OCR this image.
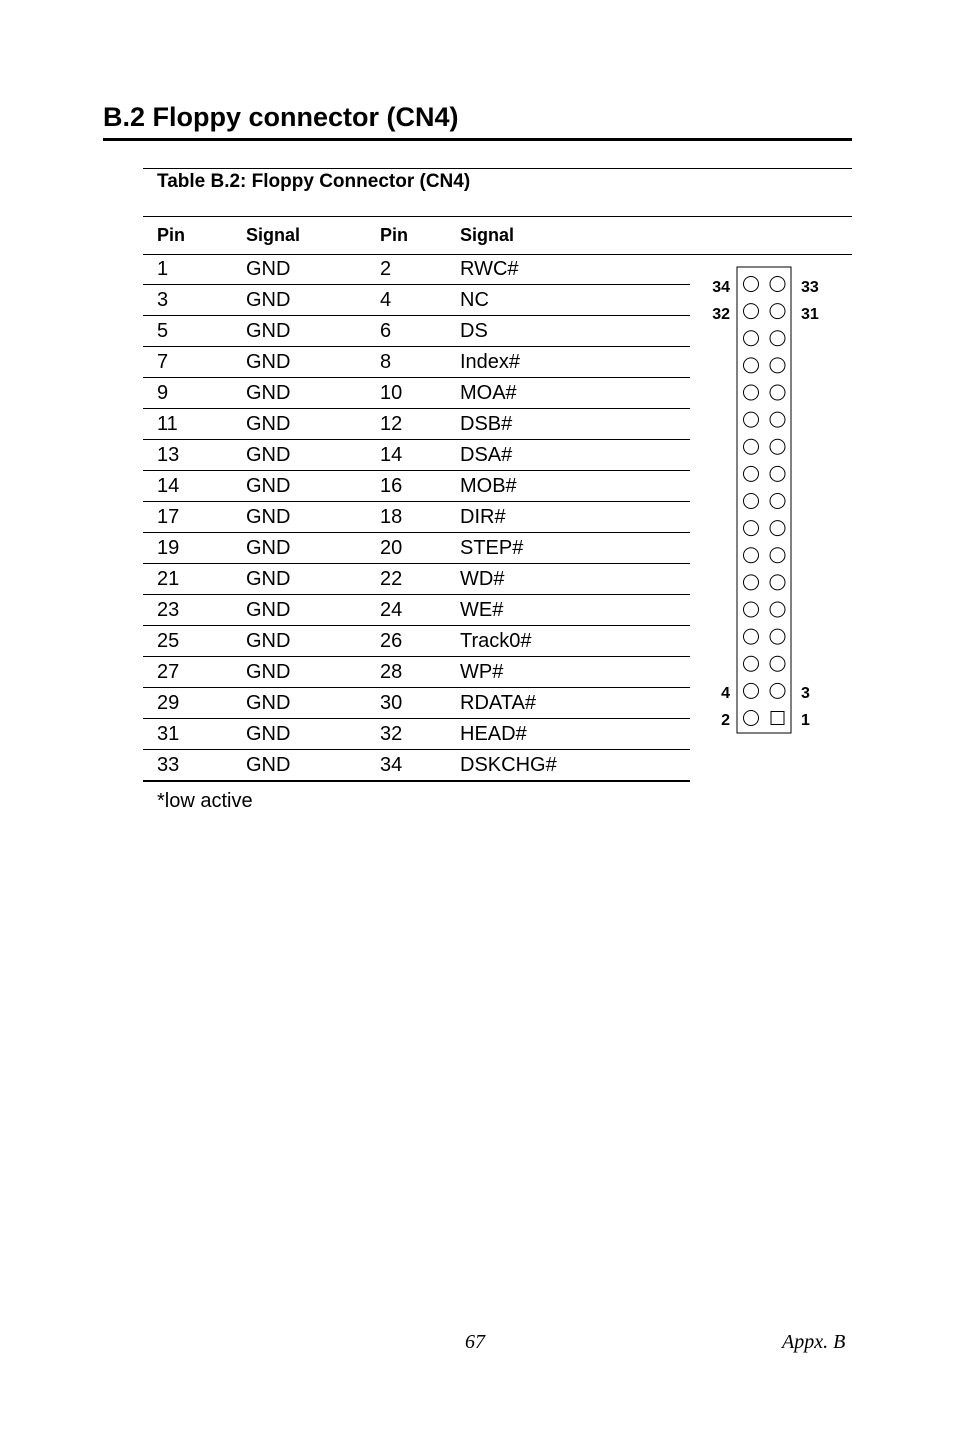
B.2 Floppy connector (CN4)
Table B.2: Floppy Connector (CN4)
Pin	Signal	Pin	Signal
1	GND	2	RWC#
3	GND	4	NC
5	GND	6	DS
7	GND	8	Index#
9	GND	10	MOA#
11	GND	12	DSB#
13	GND	14	DSA#
14	GND	16	MOB#
17	GND	18	DIR#
19	GND	20	STEP#
21	GND	22	WD#
23	GND	24	WE#
25	GND	26	Track0#
27	GND	28	WP#
29	GND	30	RDATA#
31	GND	32	HEAD#
33	GND	34	DSKCHG#
*low active
34	33
32	31
4	3
2	1
67	Appx. B
